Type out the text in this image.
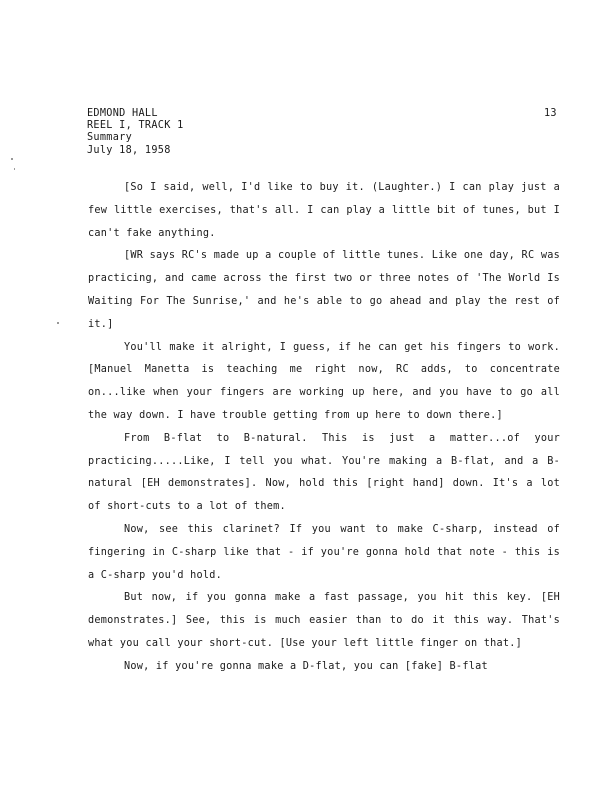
EDMOND HALL
REEL I, TRACK 1
Summary
July 18, 1958
13

[So I said, well, I'd like to buy it. (Laughter.) I can play just a few little exercises, that's all. I can play a little bit of tunes, but I can't fake anything.

[WR says RC's made up a couple of little tunes. Like one day, RC was practicing, and came across the first two or three notes of 'The World Is Waiting For The Sunrise,' and he's able to go ahead and play the rest of it.]

You'll make it alright, I guess, if he can get his fingers to work. [Manuel Manetta is teaching me right now, RC adds, to concentrate on...like when your fingers are working up here, and you have to go all the way down. I have trouble getting from up here to down there.]

From B-flat to B-natural. This is just a matter...of your practicing.....Like, I tell you what. You're making a B-flat, and a B-natural [EH demonstrates]. Now, hold this [right hand] down. It's a lot of short-cuts to a lot of them.

Now, see this clarinet? If you want to make C-sharp, instead of fingering in C-sharp like that - if you're gonna hold that note - this is a C-sharp you'd hold.

But now, if you gonna make a fast passage, you hit this key. [EH demonstrates.] See, this is much easier than to do it this way. That's what you call your short-cut. [Use your left little finger on that.]

Now, if you're gonna make a D-flat, you can [fake] B-flat
